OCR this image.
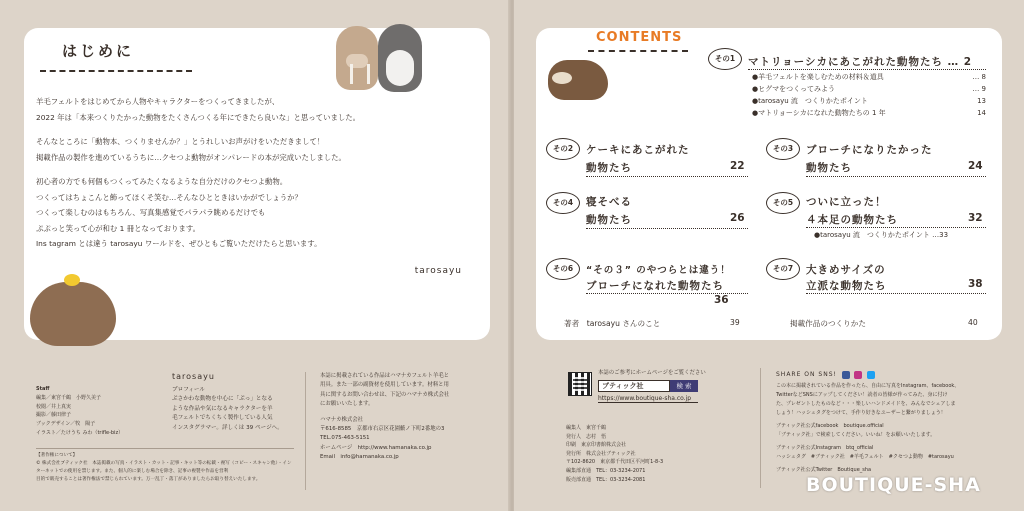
はじめに

羊毛フェルトをはじめてから人物やキャラクターをつくってきましたが、

2022 年は「本来つくりたかった動物をたくさんつくる年にできたら良いな」と思っていました。

そんなところに「動物本、つくりませんか？」とうれしいお声がけをいただきまして！

掲載作品の製作を進めているうちに…クセつよ動物がオンパレードの本が完成いたしました。

初心者の方でも何個もつくってみたくなるような自分だけのクセつよ動物。

つくってはちょこんと飾ってほくそ笑む…そんなひとときはいかがでしょうか？

つくって楽しむのはもちろん、写真集感覚でパラパラ眺めるだけでも

ぷぷっと笑って心が和む 1 冊となっております。

Ins tagram とは違う tarosayu ワールドを、ぜひともご覧いただけたらと思います。

tarosayu
Staff
編集／東宮千鶴　小野久美子
校閲／井上真実
撮影／藤田律子
ブックデザイン／牧　陽子
イラスト／たけうち みわ（trifle-biz）
【著作権について】
© 株式会社ブティック社　本誌掲載の写真・イラスト・カット・記事・キット等の転載・複写（コピー・スキャン他）・インターネットでの使用を禁じます。また、個人的に楽しむ場合を除き、記事の複製や作品を営利
目的で販売することは著作権法で禁じられています。万一乱丁・落丁がありましたらお取り替えいたします。
tarosayu
プロフィール
ぷさかわな動物を中心に「ぷっ」となる
ような作品や気になるキャラクターを羊
毛フェルトでちくちく製作している人気
インスタグラマー。詳しくは 39 ページへ。
本誌に掲載されている作品はハマナカフェルト羊毛と
用具。また一部の副資材を使用しています。材料と用
具に関するお問い合わせは、下記のハマナカ株式会社
にお願いいたします。
ハマナカ株式会社
〒616-8585　京都市右京区花園藪ノ下町2番地の3
TEL.075-463-5151
ホームページ　http://www.hamanaka.co.jp
Email　info@hamanaka.co.jp
CONTENTS
その1	マトリョーシカにあこがれた動物たち … 2
●羊毛フェルトを楽しむための材料＆道具	… 8
●ヒグマをつくってみよう	… 9
●tarosayu 流　つくりかたポイント	13
●マトリョーシカになれた動物たちの 1 年	14
その2	ケーキにあこがれた
動物たち	22
その3	ブローチになりたかった
動物たち	24
その4	寝そべる
動物たち	26
その5	ついに立った！
４本足の動物たち	32
●tarosayu 流　つくりかたポイント …33
その6	“その３” のやつらとは違う！
ブローチになれた動物たち
36
その7	大きめサイズの
立派な動物たち	38
著者　tarosayu さんのこと	39	掲載作品のつくりかた	40
本誌のご参考にホームページをご覧ください
ブティック社	検 索
https://www.boutique-sha.co.jp
編集人　東宮千鶴
発行人　志村　悟
印刷　東京印書館株式会社
発行所　株式会社ブティック社
〒102-8620　東京都千代田区平河町1-8-3
編集部直通　TEL：03-3234-2071
販売部直通　TEL：03-3234-2081
SHARE ON SNS!
この本に掲載されている作品を作ったら、自由に写真をInstagram、facebook、
TwitterなどSNSにアップしてください！読者の皆様が作ってみた、身に付け
た、プレゼントしたものなど・・・楽しいハンドメイドを、みんなでシェアしま
しょう！ハッシュタグをつけて、手作り好きなユーザーと繋がりましょう！
ブティック社公式facebook　boutique.official
「ブティック社」で検索してください。いいね！をお願いいたします。
ブティック社公式Instagram　btq_official
ハッシュタグ　#ブティック社　#羊毛フェルト　#クセつよ動物　#tarosayu
ブティック社公式Twitter　Boutique_sha
BOUTIQUE-SHA
